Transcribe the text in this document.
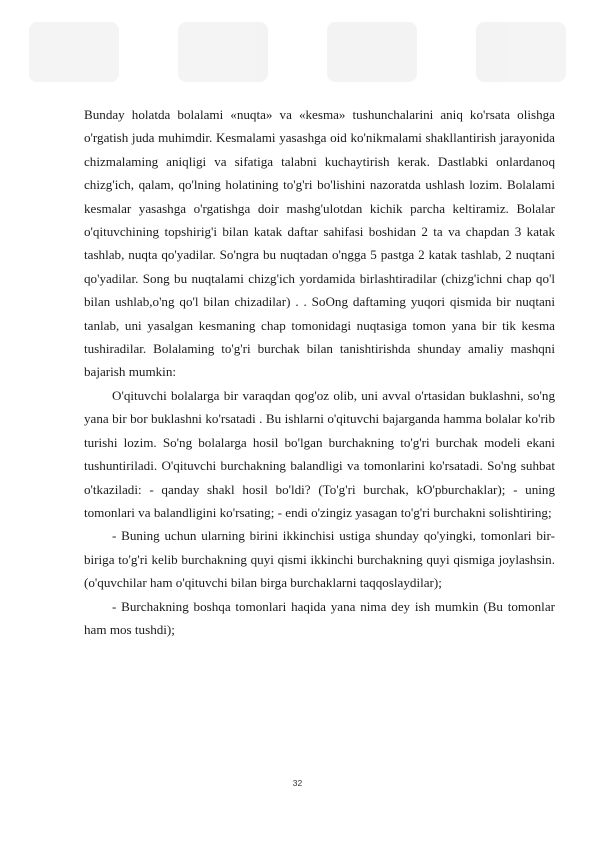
Bunday holatda bolalami «nuqta» va «kesma» tushunchalarini aniq ko'rsata olishga o'rgatish juda muhimdir. Kesmalami yasashga oid ko'nikmalami shakllantirish jarayonida chizmalaming aniqligi va sifatiga talabni kuchaytirish kerak. Dastlabki onlardanoq chizg'ich, qalam, qo'lning holatining to'g'ri bo'lishini nazoratda ushlash lozim. Bolalami kesmalar yasashga o'rgatishga doir mashg'ulotdan kichik parcha keltiramiz. Bolalar o'qituvchining topshirig'i bilan katak daftar sahifasi boshidan 2 ta va chapdan 3 katak tashlab, nuqta qo'yadilar. So'ngra bu nuqtadan o'ngga 5 pastga 2 katak tashlab, 2 nuqtani qo'yadilar. Song bu nuqtalami chizg'ich yordamida birlashtiradilar (chizg'ichni chap qo'l bilan ushlab,o'ng qo'l bilan chizadilar) . . SoOng daftaming yuqori qismida bir nuqtani tanlab, uni yasalgan kesmaning chap tomonidagi nuqtasiga tomon yana bir tik kesma tushiradilar. Bolalaming to'g'ri burchak bilan tanishtirishda shunday amaliy mashqni bajarish mumkin:

O'qituvchi bolalarga bir varaqdan qog'oz olib, uni avval o'rtasidan buklashni, so'ng yana bir bor buklashni ko'rsatadi . Bu ishlarni o'qituvchi bajarganda hamma bolalar ko'rib turishi lozim. So'ng bolalarga hosil bo'lgan burchakning to'g'ri burchak modeli ekani tushuntiriladi. O'qituvchi burchakning balandligi va tomonlarini ko'rsatadi. So'ng suhbat o'tkaziladi: - qanday shakl hosil bo'ldi? (To'g'ri burchak, kO'pburchaklar); - uning tomonlari va balandligini ko'rsating; - endi o'zingiz yasagan to'g'ri burchakni solishtiring;

- Buning uchun ularning birini ikkinchisi ustiga shunday qo'yingki, tomonlari bir-biriga to'g'ri kelib burchakning quyi qismi ikkinchi burchakning quyi qismiga joylashsin. (o'quvchilar ham o'qituvchi bilan birga burchaklarni taqqoslaydilar);

- Burchakning boshqa tomonlari haqida yana nima dey ish mumkin (Bu tomonlar ham mos tushdi);

32
